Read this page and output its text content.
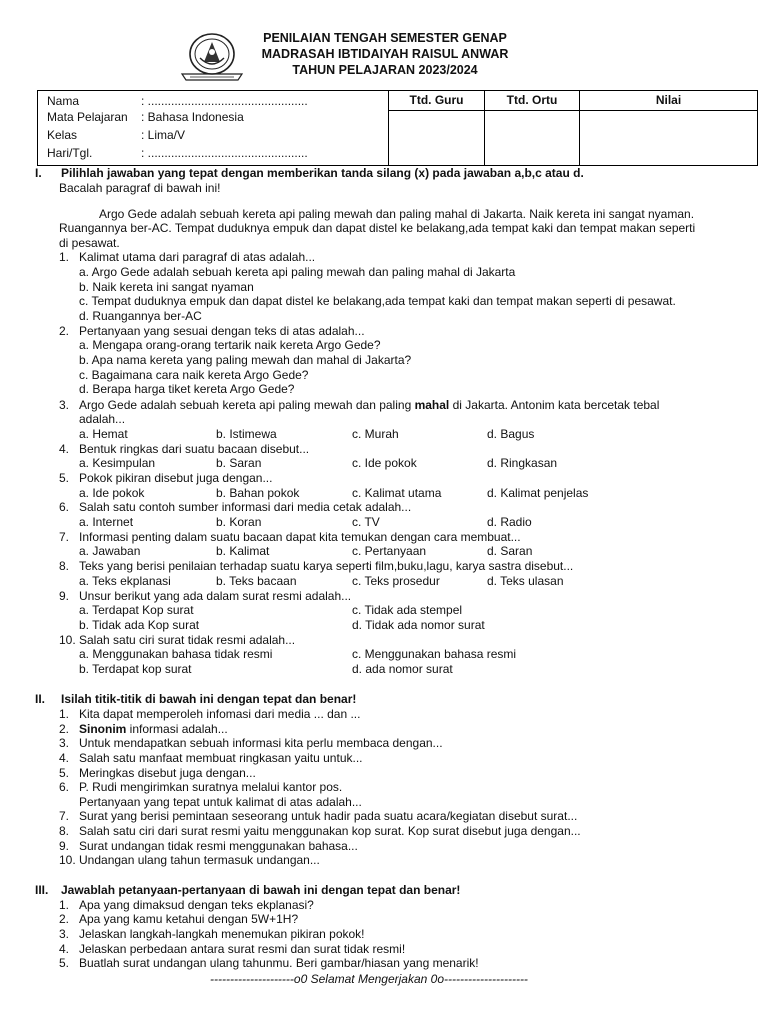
PENILAIAN TENGAH SEMESTER GENAP
MADRASAH IBTIDAIYAH RAISUL ANWAR
TAHUN PELAJARAN 2023/2024
Nama	: ................................................
Mata Pelajaran : Bahasa Indonesia
Kelas	: Lima/V
Hari/Tgl.	: ................................................
Ttd. Guru	Ttd. Ortu	Nilai
I. Pilihlah jawaban yang tepat dengan memberikan tanda silang (x) pada jawaban a,b,c atau d.
Bacalah paragraf di bawah ini!
Argo Gede adalah sebuah kereta api paling mewah dan paling mahal di Jakarta. Naik kereta ini sangat nyaman.
Ruangannya ber-AC. Tempat duduknya empuk dan dapat distel ke belakang,ada tempat kaki dan tempat makan seperti
di pesawat.
1. Kalimat utama dari paragraf di atas adalah...
a. Argo Gede adalah sebuah kereta api paling mewah dan paling mahal di Jakarta
b. Naik kereta ini sangat nyaman
c. Tempat duduknya empuk dan dapat distel ke belakang,ada tempat kaki dan tempat makan seperti di pesawat.
d. Ruangannya ber-AC
2. Pertanyaan yang sesuai dengan teks di atas adalah...
a. Mengapa orang-orang tertarik naik kereta Argo Gede?
b. Apa nama kereta yang paling mewah dan mahal di Jakarta?
c. Bagaimana cara naik kereta Argo Gede?
d. Berapa harga tiket kereta Argo Gede?
3. Argo Gede adalah sebuah kereta api paling mewah dan paling mahal di Jakarta. Antonim kata bercetak tebal
adalah...
a. Hemat	b. Istimewa	c. Murah	d. Bagus
4. Bentuk ringkas dari suatu bacaan disebut...
a. Kesimpulan	b. Saran	c. Ide pokok	d. Ringkasan
5. Pokok pikiran disebut juga dengan...
a. Ide pokok	b. Bahan pokok	c. Kalimat utama	d. Kalimat penjelas
6. Salah satu contoh sumber informasi dari media cetak adalah...
a. Internet	b. Koran	c. TV	d. Radio
7. Informasi penting dalam suatu bacaan dapat kita temukan dengan cara membuat...
a. Jawaban	b. Kalimat	c. Pertanyaan	d. Saran
8. Teks yang berisi penilaian terhadap suatu karya seperti film,buku,lagu, karya sastra disebut...
a. Teks ekplanasi	b. Teks bacaan	c. Teks prosedur	d. Teks ulasan
9. Unsur berikut yang ada dalam surat resmi adalah...
a. Terdapat Kop surat	c. Tidak ada stempel
b. Tidak ada Kop surat	d. Tidak ada nomor surat
10. Salah satu ciri surat tidak resmi adalah...
a. Menggunakan bahasa tidak resmi	c. Menggunakan bahasa resmi
b. Terdapat kop surat	d. ada nomor surat
II. Isilah titik-titik di bawah ini dengan tepat dan benar!
1. Kita dapat memperoleh infomasi dari media ... dan ...
2. Sinonim informasi adalah...
3. Untuk mendapatkan sebuah informasi kita perlu membaca dengan...
4. Salah satu manfaat membuat ringkasan yaitu untuk...
5. Meringkas disebut juga dengan...
6. P. Rudi mengirimkan suratnya melalui kantor pos.
Pertanyaan yang tepat untuk kalimat di atas adalah...
7. Surat yang berisi pemintaan seseorang untuk hadir pada suatu acara/kegiatan disebut surat...
8. Salah satu ciri dari surat resmi yaitu menggunakan kop surat. Kop surat disebut juga dengan...
9. Surat undangan tidak resmi menggunakan bahasa...
10. Undangan ulang tahun termasuk undangan...
III. Jawablah petanyaan-pertanyaan di bawah ini dengan tepat dan benar!
1. Apa yang dimaksud dengan teks ekplanasi?
2. Apa yang kamu ketahui dengan 5W+1H?
3. Jelaskan langkah-langkah menemukan pikiran pokok!
4. Jelaskan perbedaan antara surat resmi dan surat tidak resmi!
5. Buatlah surat undangan ulang tahunmu. Beri gambar/hiasan yang menarik!
---------------------o0 Selamat Mengerjakan 0o---------------------
